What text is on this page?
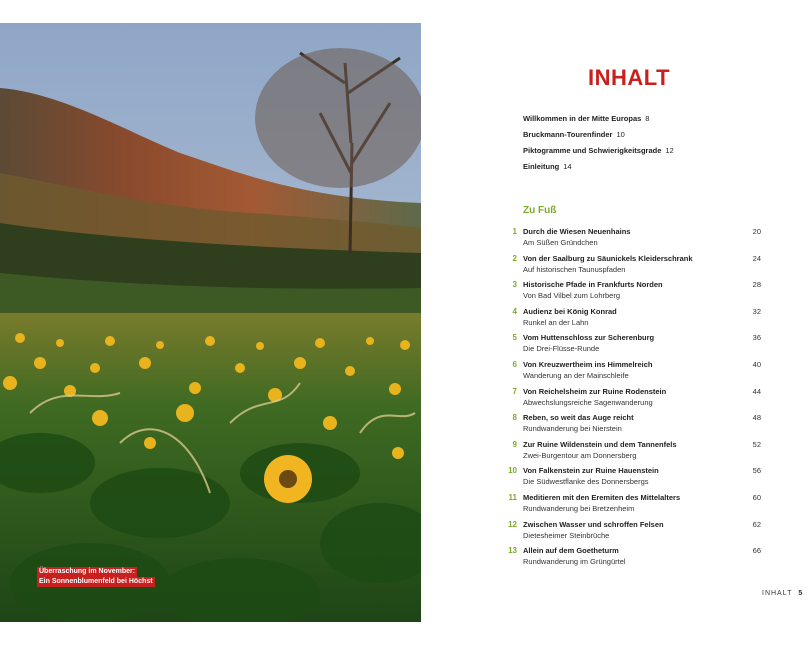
Überraschung im November:
Ein Sonnenblumenfeld bei Höchst
INHALT
Willkommen in der Mitte Europas 8
Bruckmann-Tourenfinder 10
Piktogramme und Schwierigkeitsgrade 12
Einleitung 14
Zu Fuß
1 Durch die Wiesen Neuenhains
Am Süßen Gründchen
20
2 Von der Saalburg zu Säunickels Kleiderschrank
Auf historischen Taunuspfaden
24
3 Historische Pfade in Frankfurts Norden
Von Bad Vilbel zum Lohrberg
28
4 Audienz bei König Konrad
Runkel an der Lahn
32
5 Vom Huttenschloss zur Scherenburg
Die Drei-Flüsse-Runde
36
6 Von Kreuzwertheim ins Himmelreich
Wanderung an der Mainschleife
40
7 Von Reichelsheim zur Ruine Rodenstein
Abwechslungsreiche Sagenwanderung
44
8 Reben, so weit das Auge reicht
Rundwanderung bei Nierstein
48
9 Zur Ruine Wildenstein und dem Tannenfels
Zwei-Burgentour am Donnersberg
52
10 Von Falkenstein zur Ruine Hauenstein
Die Südwestflanke des Donnersbergs
56
11 Meditieren mit den Eremiten des Mittelalters
Rundwanderung bei Bretzenheim
60
12 Zwischen Wasser und schroffen Felsen
Dietesheimer Steinbrüche
62
13 Allein auf dem Goetheturm
Rundwanderung im Grüngürtel
66
INHALT 5
